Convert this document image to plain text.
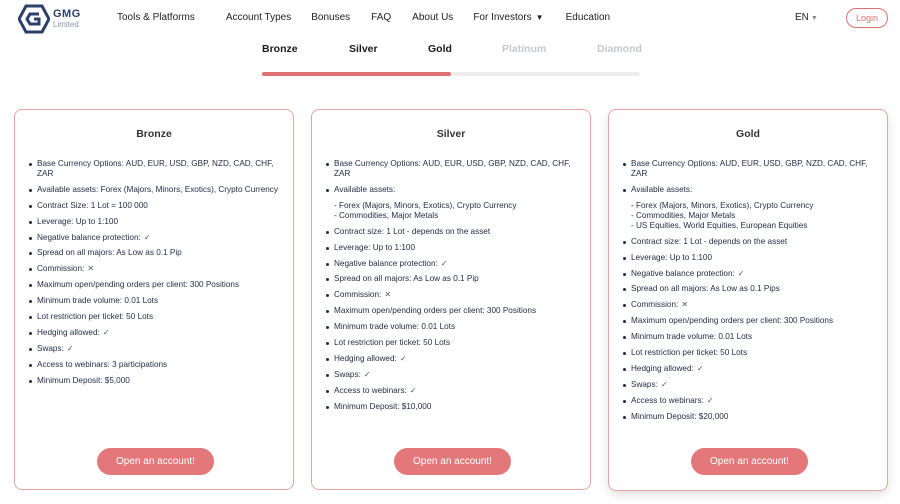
GMG
Limited
Tools & Platforms	Account Types Bonuses FAQ About Us For Investors ▼ Education	EN ▼	Login
Bronze	Silver	Gold	Platinum	Diamond
Bronze
Base Currency Options: AUD, EUR, USD, GBP, NZD, CAD, CHF, ZAR
Available assets: Forex (Majors, Minors, Exotics), Crypto Currency
Contract Size: 1 Lot = 100 000
Leverage: Up to 1:100
Negative balance protection: ✓
Spread on all majors: As Low as 0.1 Pip
Commission: ✕
Maximum open/pending orders per client: 300 Positions
Minimum trade volume: 0.01 Lots
Lot restriction per ticket: 50 Lots
Hedging allowed: ✓
Swaps: ✓
Access to webinars: 3 participations
Minimum Deposit: $5,000
Open an account!
Silver
Base Currency Options: AUD, EUR, USD, GBP, NZD, CAD, CHF, ZAR
Available assets:
- Forex (Majors, Minors, Exotics), Crypto Currency
- Commodities, Major Metals
Contract size: 1 Lot - depends on the asset
Leverage: Up to 1:100
Negative balance protection: ✓
Spread on all majors: As Low as 0.1 Pip
Commission: ✕
Maximum open/pending orders per client: 300 Positions
Minimum trade volume: 0.01 Lots
Lot restriction per ticket: 50 Lots
Hedging allowed: ✓
Swaps: ✓
Access to webinars: ✓
Minimum Deposit: $10,000
Open an account!
Gold
Base Currency Options: AUD, EUR, USD, GBP, NZD, CAD, CHF, ZAR
Available assets:
- Forex (Majors, Minors, Exotics), Crypto Currency
- Commodities, Major Metals
- US Equities, World Equities, European Equities
Contract size: 1 Lot - depends on the asset
Leverage: Up to 1:100
Negative balance protection: ✓
Spread on all majors: As Low as 0.1 Pips
Commission: ✕
Maximum open/pending orders per client: 300 Positions
Minimum trade volume: 0.01 Lots
Lot restriction per ticket: 50 Lots
Hedging allowed: ✓
Swaps: ✓
Access to webinars: ✓
Minimum Deposit: $20,000
Open an account!
